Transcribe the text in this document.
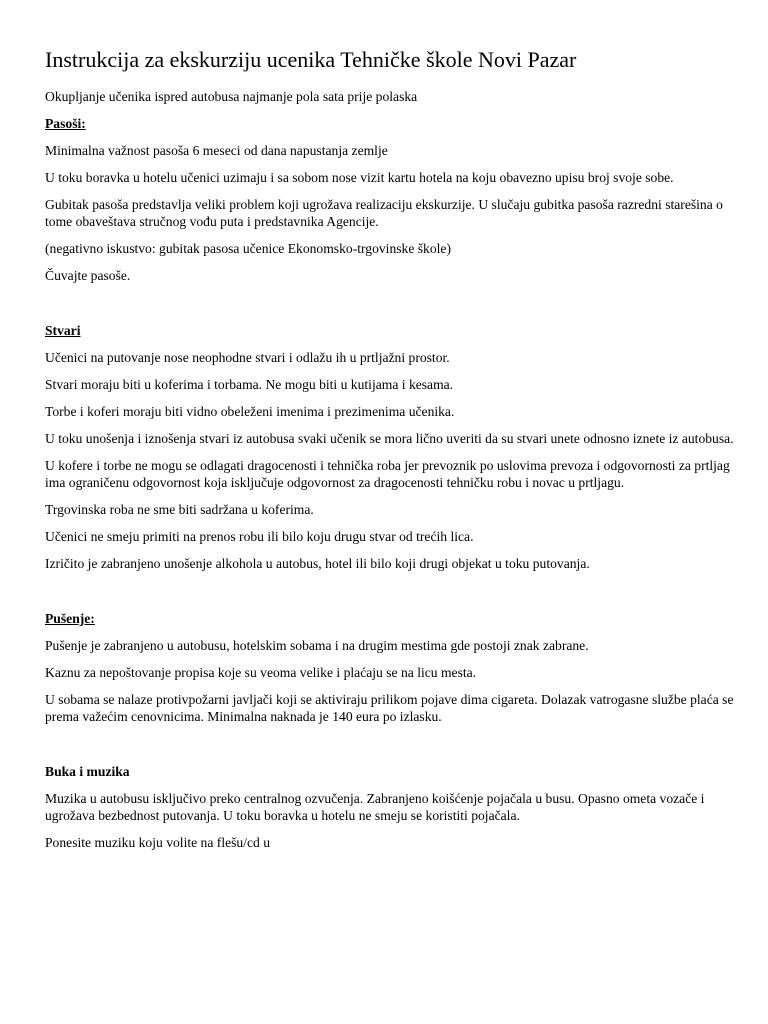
Instrukcija za ekskurziju ucenika Tehničke škole Novi Pazar

Okupljanje učenika ispred autobusa najmanje pola sata prije polaska

Pasoši:

Minimalna važnost pasoša 6 meseci od dana napustanja zemlje

U toku boravka u hotelu učenici uzimaju i sa sobom nose vizit kartu hotela na koju obavezno upisu broj svoje sobe.

Gubitak pasoša predstavlja veliki problem koji ugrožava realizaciju ekskurzije. U slučaju gubitka pasoša razredni starešina o tome obaveštava stručnog vođu puta i predstavnika Agencije.

(negativno iskustvo: gubitak pasosa učenice Ekonomsko-trgovinske škole)

Čuvajte pasoše.

Stvari

Učenici na putovanje nose neophodne stvari i odlažu ih u prtljažni prostor.

Stvari moraju biti u koferima i torbama. Ne mogu biti u kutijama i kesama.

Torbe i koferi moraju biti vidno obeleženi imenima i prezimenima učenika.

U toku unošenja i iznošenja stvari iz autobusa svaki učenik se mora lično uveriti da su stvari unete odnosno iznete iz autobusa.

U kofere i torbe ne mogu se odlagati dragocenosti i tehnička roba jer prevoznik po uslovima prevoza i odgovornosti za prtljag ima ograničenu odgovornost koja isključuje odgovornost za dragocenosti tehničku robu i novac u prtljagu.

Trgovinska roba ne sme biti sadržana u koferima.

Učenici ne smeju primiti na prenos robu ili bilo koju drugu stvar od trećih lica.

Izričito je zabranjeno unošenje alkohola u autobus, hotel ili bilo koji drugi objekat u toku putovanja.

Pušenje:

Pušenje je zabranjeno u autobusu, hotelskim sobama i na drugim mestima gde postoji znak zabrane.

Kaznu za nepoštovanje propisa koje su veoma velike i plaćaju se na licu mesta.

U sobama se nalaze protivpožarni javljači koji se aktiviraju prilikom pojave dima cigareta. Dolazak vatrogasne službe plaća se prema važećim cenovnicima. Minimalna naknada je 140 eura po izlasku.

Buka i muzika

Muzika u autobusu isključivo preko centralnog ozvučenja. Zabranjeno koišćenje pojačala u busu. Opasno ometa vozače i ugrožava bezbednost putovanja. U toku boravka u hotelu ne smeju se koristiti pojačala.

Ponesite muziku koju volite na flešu/cd u
